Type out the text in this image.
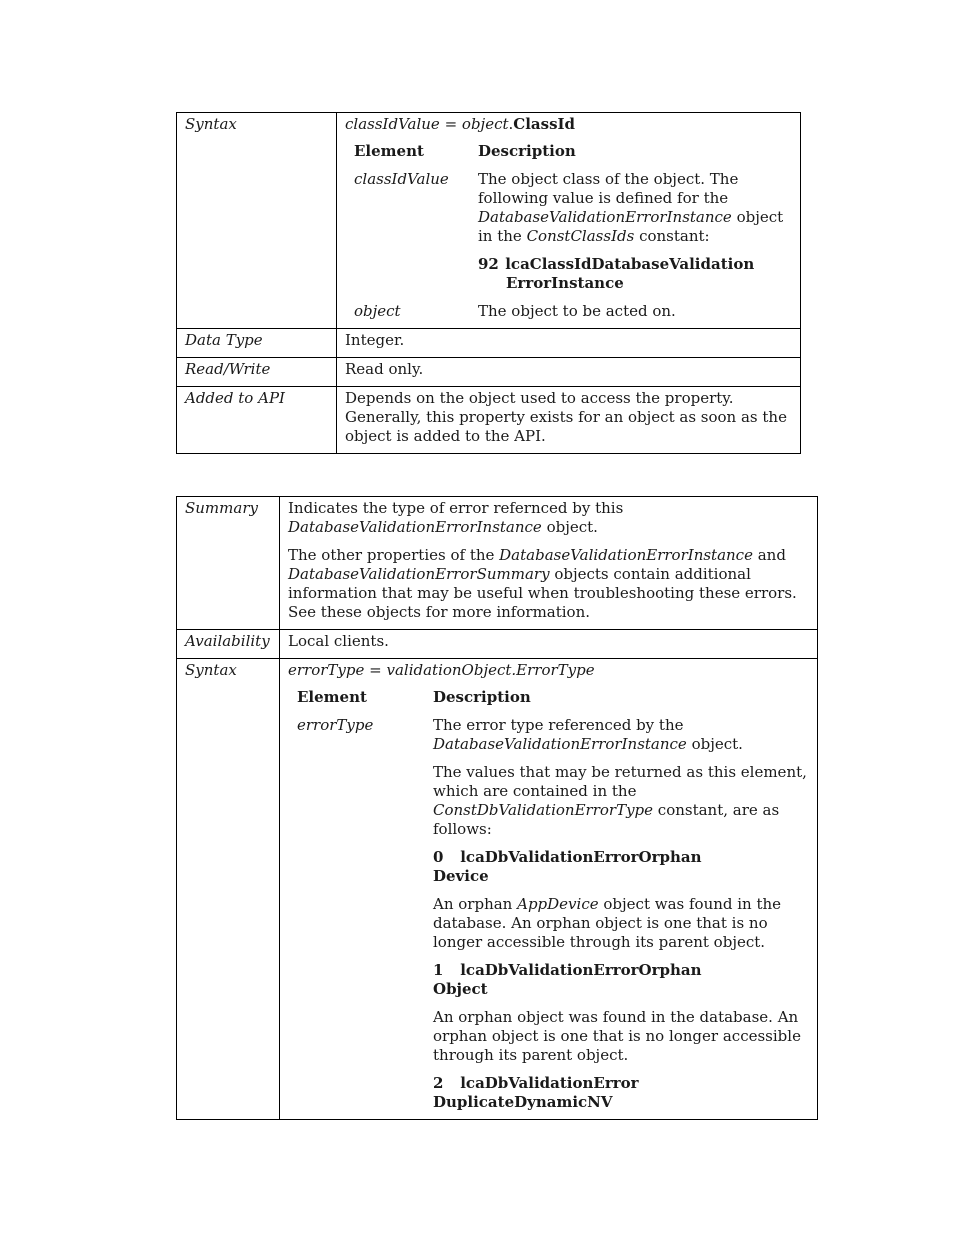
Syntax	classIdValue = object.ClassId
Element	Description
classIdValue	The object class of the object. The following value is defined for the DatabaseValidationErrorInstance object in the ConstClassIds constant:

92 lcaClassIdDatabaseValidation
ErrorInstance

object	The object to be acted on.

Data Type	Integer.
Read/Write	Read only.
Added to API	Depends on the object used to access the property. Generally, this property exists for an object as soon as the object is added to the API.
Summary	Indicates the type of error refernced by this DatabaseValidationErrorInstance object.

The other properties of the DatabaseValidationErrorInstance and DatabaseValidationErrorSummary objects contain additional information that may be useful when troubleshooting these errors. See these objects for more information.

Availability	Local clients.
Syntax	errorType = validationObject.ErrorType
Element	Description
errorType	The error type referenced by the DatabaseValidationErrorInstance object.

The values that may be returned as this element, which are contained in the ConstDbValidationErrorType constant, are as follows:

0 lcaDbValidationErrorOrphan
Device

An orphan AppDevice object was found in the database. An orphan object is one that is no longer accessible through its parent object.

1 lcaDbValidationErrorOrphan
Object

An orphan object was found in the database. An orphan object is one that is no longer accessible through its parent object.

2 lcaDbValidationError
DuplicateDynamicNV
